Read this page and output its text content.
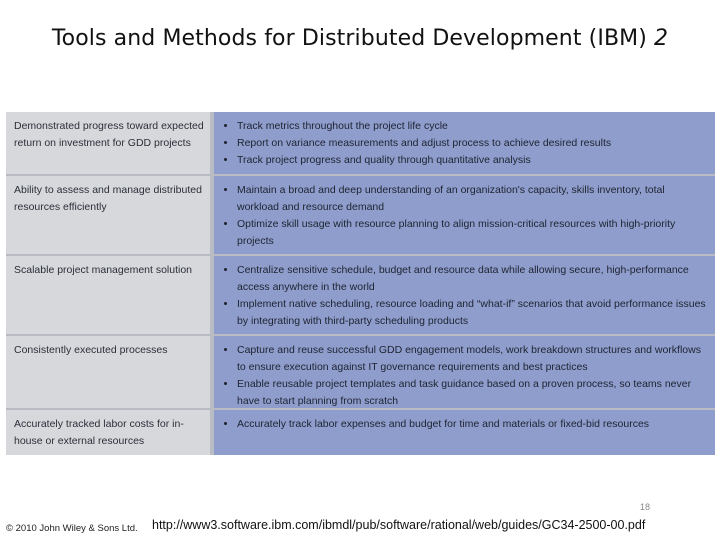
Tools and Methods for Distributed Development (IBM) 2
Demonstrated progress toward expected return on investment for GDD projects
• Track metrics throughout the project life cycle
• Report on variance measurements and adjust process to achieve desired results
• Track project progress and quality through quantitative analysis
Ability to assess and manage distributed resources efficiently
• Maintain a broad and deep understanding of an organization's capacity, skills inventory, total workload and resource demand
• Optimize skill usage with resource planning to align mission-critical resources with high-priority projects
Scalable project management solution	• Centralize sensitive schedule, budget and resource data while allowing secure, high-performance access anywhere in the world
• Implement native scheduling, resource loading and “what-if” scenarios that avoid performance issues by integrating with third-party scheduling products
Consistently executed processes	• Capture and reuse successful GDD engagement models, work breakdown structures and workflows to ensure execution against IT governance requirements and best practices
• Enable reusable project templates and task guidance based on a proven process, so teams never have to start planning from scratch
Accurately tracked labor costs for in-house or external resources
• Accurately track labor expenses and budget for time and materials or fixed-bid resources
18
© 2010 John Wiley & Sons Ltd. http://www3.software.ibm.com/ibmdl/pub/software/rational/web/guides/GC34-2500-00.pdf
